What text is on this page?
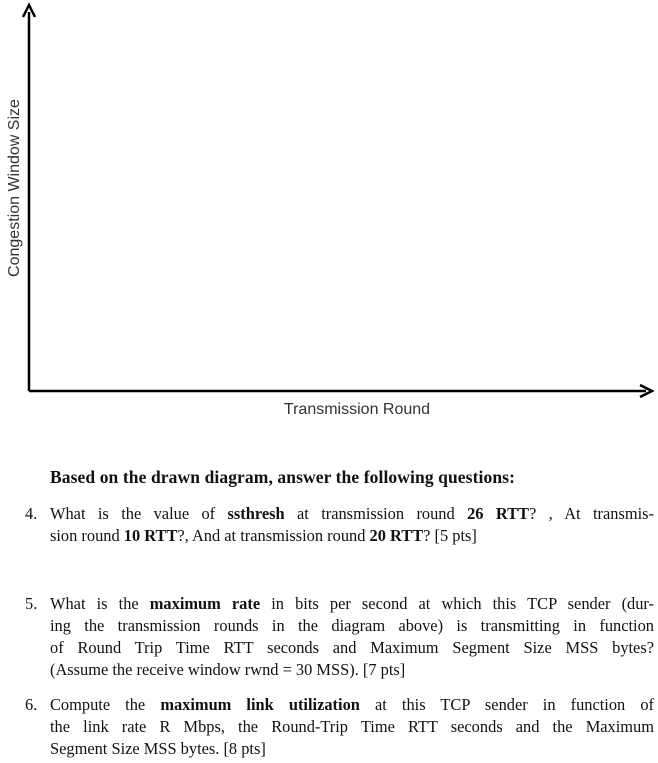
Congestion Window Size
Transmission Round
Based on the drawn diagram, answer the following questions:
4. What is the value of ssthresh at transmission round 26 RTT? , At transmis-
sion round 10 RTT?, And at transmission round 20 RTT? [5 pts]
5. What is the maximum rate in bits per second at which this TCP sender (dur-
ing the transmission rounds in the diagram above) is transmitting in function
of Round Trip Time RTT seconds and Maximum Segment Size MSS bytes?
(Assume the receive window rwnd = 30 MSS). [7 pts]
6. Compute the maximum link utilization at this TCP sender in function of
the link rate R Mbps, the Round-Trip Time RTT seconds and the Maximum
Segment Size MSS bytes. [8 pts]
